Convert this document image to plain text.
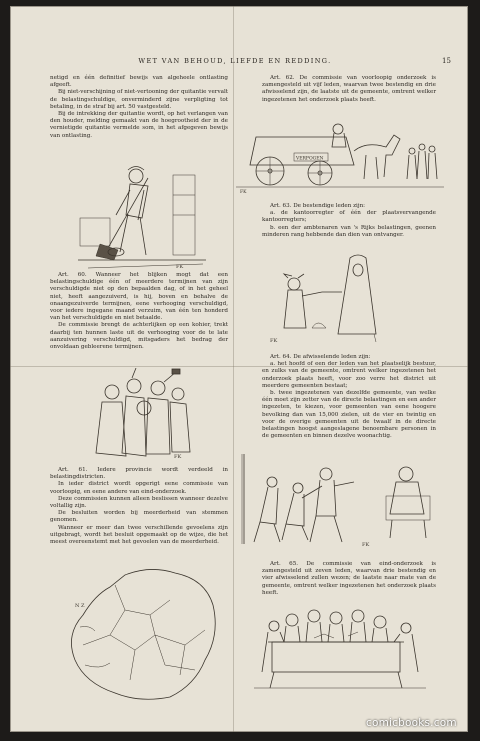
WET VAN BEHOUD, LIEFDE EN REDDING.	15

netigd en één definitief bewijs van algeheele ontlasting afgeeft.

Bij niet-verschijning of niet-vertooning der quitantie vervalt de belastingschuldige, onverminderd zijne verpligting tot betaling, in de straf bij art. 50 vastgesteld.

Bij de intrekking der quitantie wordt, op het verlangen van den houder, melding gemaakt van de hoegrootheid der in de vernietigde quitantie vermelde som, in het afgegeven bewijs van ontlasting.

FK

Art. 60. Wanneer het blijken mogt dat een belastingschuldige één of meerdere termijnen van zijn verschuldigde niet op den bepaalden dag, of in het geheel niet, heeft aangezuiverd, is hij, boven en behalve de onaangezuiverde termijnen, eene verhooging verschuldigd, voor iedere ingegane maand verzuim, van één ten honderd van het verschuldigde en niet betaalde.

De commissie brengt de achterlijken op een kohier, trekt daarbij ten hunnen laste uit de verhooging voor de te late aanzuivering verschuldigd, mitsgaders het bedrag der onvoldaan gebleerene termijnen.

FK

Art. 61. Iedere provincie wordt verdeeld in belastingdistricten.

In ieder district wordt opgerigt eene commissie van voorloopig, en eene andere van eind-onderzoek.

Deze commissien kunnen alleen beslissen wanneer dezelve voltallig zijn.

De besluiten worden bij meerderheid van stemmen genomen.

Wanneer er meer dan twee verschillende gevoelens zijn uitgebragt, wordt het besluit opgemaakt op de wijze, die het meest overeenstemt met het gevoelen van de meerderheid.

N Z

Art. 62. De commissie van voorloopig onderzoek is zamengesteld uit vijf leden, waarvan twee bestendig en drie afwisselend zijn, de laatste uit de gemeente, omtrent welker ingezetenen het onderzoek plaats heeft.

VERPOGEN
FK

Art. 63. De bestendige leden zijn:

a. de kantoorregter of één der plaatsvervangende kantoorregters;

b. een der ambtenaren van 's Rijks belastingen, geenen minderen rang hebbende dan dien van ontvanger.

FK

Art. 64. De afwisselende leden zijn:

a. het hoofd of een der leden van het plaatselijk bestuur, en zulks van de gemeente, omtrent welker ingezetenen het onderzoek plaats heeft, voor zoo verre het district uit meerdere gemeenten bestaat;

b. twee ingezetenen van dezelfde gemeente, van welke één moet zijn zetter van de directe belastingen en een ander ingezeten, te kiezen, voor gemeenten van eene hoogere bevolking dan van 15,000 zielen, uit de vier en twintig en voor de overige gemeenten uit de twaalf in de directe belastingen hoogst aangeslagene benoembare personen in de gemeenten en binnen dezelve woonachtig.

FK

Art. 65. De commissie van eind-onderzoek is zamengesteld uit zeven leden, waarvan drie bestendig en vier afwisselend zullen wezen; de laatste naar mate van de gemeente, omtrent welker ingezetenen het onderzoek plaats heeft.

comicbooks.com
